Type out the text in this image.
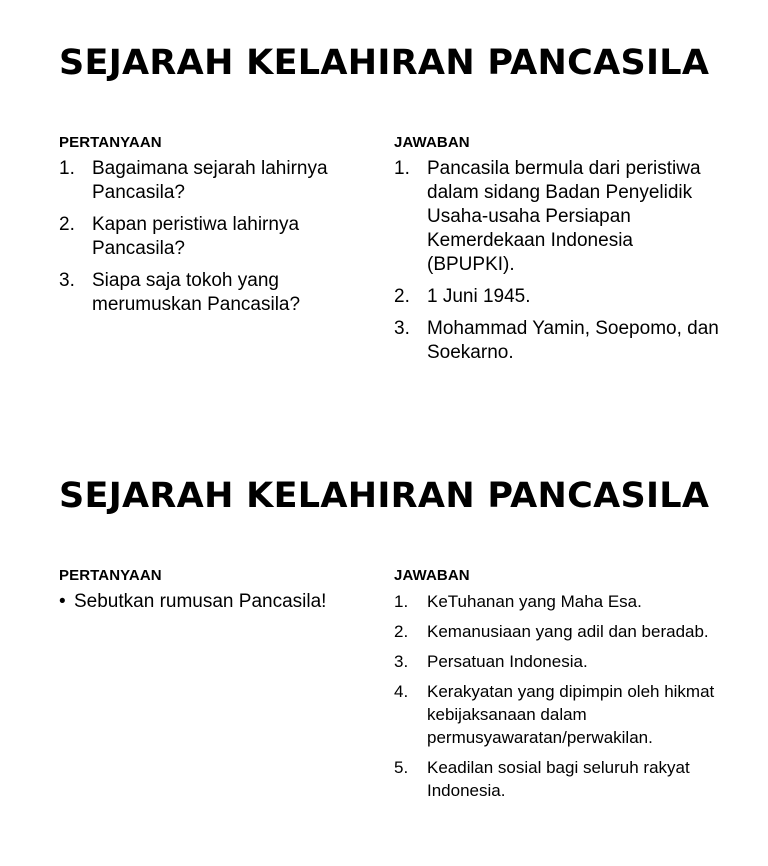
SEJARAH KELAHIRAN PANCASILA
PERTANYAAN
1. Bagaimana sejarah lahirnya Pancasila?
2. Kapan peristiwa lahirnya Pancasila?
3. Siapa saja tokoh yang merumuskan Pancasila?
JAWABAN
1. Pancasila bermula dari peristiwa dalam sidang Badan Penyelidik Usaha-usaha Persiapan Kemerdekaan Indonesia (BPUPKI).
2. 1 Juni 1945.
3. Mohammad Yamin, Soepomo, dan Soekarno.
SEJARAH KELAHIRAN PANCASILA
PERTANYAAN
• Sebutkan rumusan Pancasila!
JAWABAN
1. KeTuhanan yang Maha Esa.
2. Kemanusiaan yang adil dan beradab.
3. Persatuan Indonesia.
4. Kerakyatan yang dipimpin oleh hikmat kebijaksanaan dalam permusyawaratan/perwakilan.
5. Keadilan sosial bagi seluruh rakyat Indonesia.
